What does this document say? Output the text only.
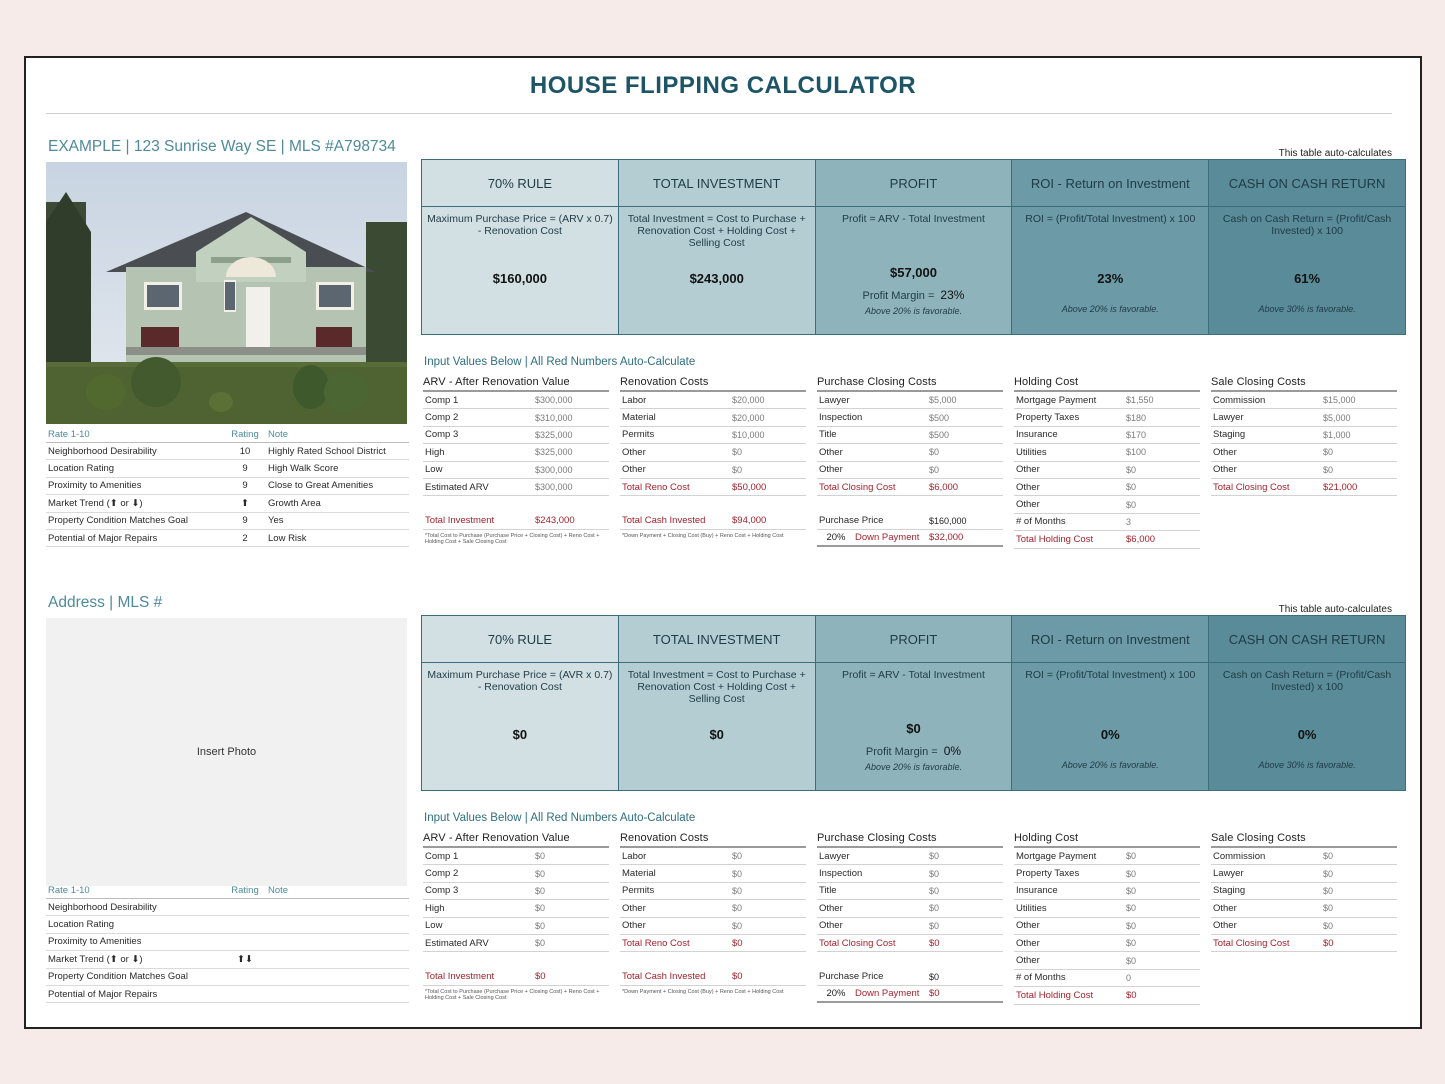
HOUSE FLIPPING CALCULATOR
EXAMPLE | 123 Sunrise Way SE | MLS #A798734
Rate 1-10	Rating Note
Neighborhood Desirability	10	Highly Rated School District
Location Rating	9	High Walk Score
Proximity to Amenities	9	Close to Great Amenities
Market Trend (⬆ or ⬇)	⬆	Growth Area
Property Condition Matches Goal	9	Yes
Potential of Major Repairs	2	Low Risk
This table auto-calculates
70% RULE
Maximum Purchase Price = (ARV x 0.7) - Renovation Cost
$160,000
TOTAL INVESTMENT
Total Investment = Cost to Purchase + Renovation Cost + Holding Cost + Selling Cost
$243,000
PROFIT
Profit = ARV - Total Investment
$57,000
Profit Margin = 23%
Above 20% is favorable.
ROI - Return on Investment
ROI = (Profit/Total Investment) x 100
23%
Above 20% is favorable.
CASH ON CASH RETURN
Cash on Cash Return = (Profit/Cash Invested) x 100
61%
Above 30% is favorable.
Input Values Below | All Red Numbers Auto-Calculate
ARV - After Renovation Value
Comp 1	$300,000
Comp 2	$310,000
Comp 3	$325,000
High	$325,000
Low	$300,000
Estimated ARV	$300,000
Total Investment	$243,000
*Total Cost to Purchase (Purchase Price + Closing Cost) + Reno Cost + Holding Cost + Sale Closing Cost
Renovation Costs
Labor	$20,000
Material	$20,000
Permits	$10,000
Other	$0
Other	$0
Total Reno Cost	$50,000
Total Cash Invested	$94,000
*Down Payment + Closing Cost (Buy) + Reno Cost + Holding Cost
Purchase Closing Costs
Lawyer	$5,000
Inspection	$500
Title	$500
Other	$0
Other	$0
Total Closing Cost	$6,000
Purchase Price	$160,000
20%	Down Payment	$32,000
Holding Cost
Mortgage Payment	$1,550
Property Taxes	$180
Insurance	$170
Utilities	$100
Other	$0
Other	$0
Other	$0
# of Months	3
Total Holding Cost	$6,000
Sale Closing Costs
Commission	$15,000
Lawyer	$5,000
Staging	$1,000
Other	$0
Other	$0
Total Closing Cost	$21,000
Address | MLS #
Insert Photo
Rate 1-10	Rating Note
Neighborhood Desirability
Location Rating
Proximity to Amenities
Market Trend (⬆ or ⬇)	⬆⬇
Property Condition Matches Goal
Potential of Major Repairs
This table auto-calculates
70% RULE
Maximum Purchase Price = (AVR x 0.7) - Renovation Cost
$0
TOTAL INVESTMENT
Total Investment = Cost to Purchase + Renovation Cost + Holding Cost + Selling Cost
$0
PROFIT
Profit = ARV - Total Investment
$0
Profit Margin = 0%
Above 20% is favorable.
ROI - Return on Investment
ROI = (Profit/Total Investment) x 100
0%
Above 20% is favorable.
CASH ON CASH RETURN
Cash on Cash Return = (Profit/Cash Invested) x 100
0%
Above 30% is favorable.
Input Values Below | All Red Numbers Auto-Calculate
ARV - After Renovation Value
Comp 1	$0
Comp 2	$0
Comp 3	$0
High	$0
Low	$0
Estimated ARV	$0
Total Investment	$0
*Total Cost to Purchase (Purchase Price + Closing Cost) + Reno Cost + Holding Cost + Sale Closing Cost
Renovation Costs
Labor	$0
Material	$0
Permits	$0
Other	$0
Other	$0
Total Reno Cost	$0
Total Cash Invested	$0
*Down Payment + Closing Cost (Buy) + Reno Cost + Holding Cost
Purchase Closing Costs
Lawyer	$0
Inspection	$0
Title	$0
Other	$0
Other	$0
Total Closing Cost	$0
Purchase Price	$0
20%	Down Payment	$0
Holding Cost
Mortgage Payment	$0
Property Taxes	$0
Insurance	$0
Utilities	$0
Other	$0
Other	$0
Other	$0
# of Months	0
Total Holding Cost	$0
Sale Closing Costs
Commission	$0
Lawyer	$0
Staging	$0
Other	$0
Other	$0
Total Closing Cost	$0
